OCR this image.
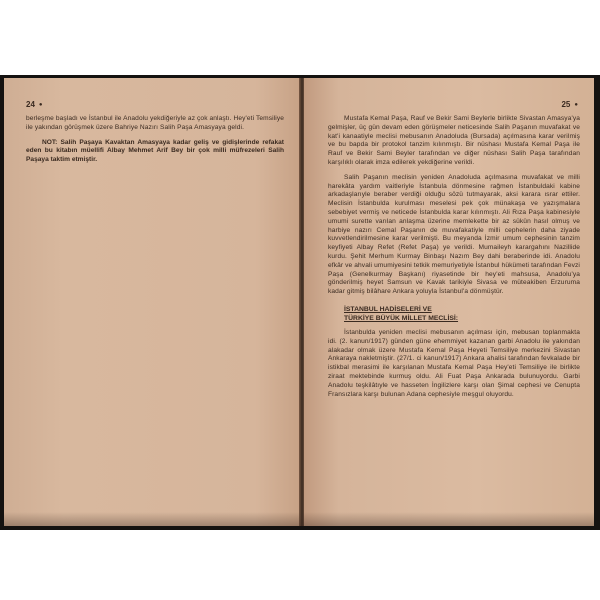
24 ●

berleşme başladı ve İstanbul ile Anadolu yekdiğeriyle az çok anlaştı. Hey'eti Temsiliye ile yakından görüşmek üzere Bahriye Nazırı Salih Paşa Amasyaya geldi.

NOT: Salih Paşaya Kavaktan Amasyaya kadar geliş ve gidişlerinde refakat eden bu kitabın müellifi Albay Mehmet Arif Bey bir çok milli müfrezeleri Salih Paşaya taktim etmiştir.

25 ●

Mustafa Kemal Paşa, Rauf ve Bekir Sami Beylerle birlikte Sivastan Amasya'ya gelmişler, üç gün devam eden görüşmeler neticesinde Salih Paşanın muvafakat ve kat'i kanaatiyle meclisi mebusanın Anadoluda (Bursada) açılmasına karar verilmiş ve bu bapda bir protokol tanzim kılınmıştı. Bir nüshası Mustafa Kemal Paşa ile Rauf ve Bekir Sami Beyler tarafından ve diğer nüshası Salih Paşa tarafından karşılıklı olarak imza edilerek yekdiğerine verildi.

Salih Paşanın meclisin yeniden Anadoluda açılmasına muvafakat ve milli harekâta yardım vaitleriyle İstanbula dönmesine rağmen İstanbuldaki kabine arkadaşlarıyle beraber verdiği olduğu sözü tutmayarak, aksi karara ısrar ettiler. Meclisin İstanbulda kurulması meselesi pek çok münakaşa ve yazışmalara sebebiyet vermiş ve neticede İstanbulda karar kılınmıştı. Ali Rıza Paşa kabinesiyle umumi surette varılan anlaşma üzerine memlekette bir az sükûn hasıl olmuş ve harbiye nazırı Cemal Paşanın de muvafakatiyle milli cephelerin daha ziyade kuvvetlendirilmesine karar verilmişti. Bu meyanda İzmir umum cephesinin tanzim keyfiyeti Albay Refet (Refet Paşa) ye verildi. Mumaileyh karargahını Nazillide kurdu. Şehit Merhum Kurmay Binbaşı Nazım Bey dahi beraberinde idi. Anadolu efkâr ve ahvali umumiyesini tetkik memuriyetiyle İstanbul hükümeti tarafından Fevzi Paşa (Genelkurmay Başkanı) riyasetinde bir hey'eti mahsusa, Anadolu'ya gönderilmiş heyet Samsun ve Kavak tarikiyle Sivasa ve müteakiben Erzuruma kadar gitmiş bilâhare Ankara yoluyla İstanbul'a dönmüştür.

İSTANBUL HADİSELERİ VE
TÜRKİYE BÜYÜK MİLLET MECLİSİ:

İstanbulda yeniden meclisi mebusanın açılması için, mebusan toplanmakta idi. (2. kanun/1917) günden güne ehemmiyet kazanan garbi Anadolu ile yakından alakadar olmak üzere Mustafa Kemal Paşa Heyeti Temsiliye merkezini Sivastan Ankaraya nakletmiştir. (27/1. ci kanun/1917) Ankara ahalisi tarafından fevkalade bir istikbal merasimi ile karşılanan Mustafa Kemal Paşa Hey'eti Temsiliye ile birlikte ziraat mektebinde kurmuş oldu. Ali Fuat Paşa Ankarada bulunuyordu. Garbi Anadolu teşkilâtıyle ve hasseten İngilizlere karşı olan Şimal cephesi ve Cenupta Fransızlara karşı bulunan Adana cephesiyle meşgul oluyordu.
